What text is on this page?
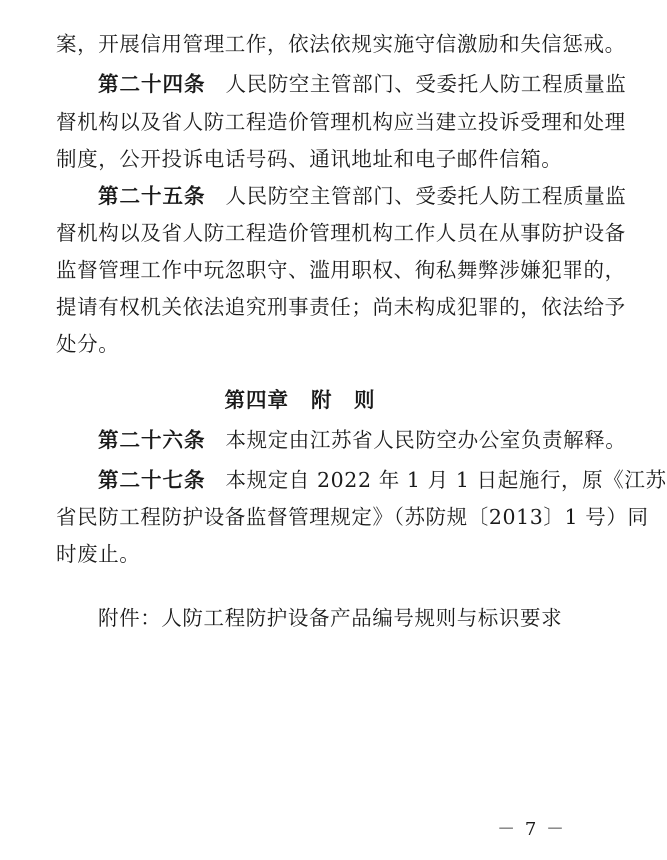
案，开展信用管理工作，依法依规实施守信激励和失信惩戒。
第二十四条 人民防空主管部门、受委托人防工程质量监
督机构以及省人防工程造价管理机构应当建立投诉受理和处理
制度，公开投诉电话号码、通讯地址和电子邮件信箱。
第二十五条 人民防空主管部门、受委托人防工程质量监
督机构以及省人防工程造价管理机构工作人员在从事防护设备
监督管理工作中玩忽职守、滥用职权、徇私舞弊涉嫌犯罪的，
提请有权机关依法追究刑事责任；尚未构成犯罪的，依法给予
处分。
第四章 附　则
第二十六条 本规定由江苏省人民防空办公室负责解释。
第二十七条 本规定自 2022 年 1 月 1 日起施行，原《江苏
省民防工程防护设备监督管理规定》（苏防规〔2013〕1 号）同
时废止。
附件：人防工程防护设备产品编号规则与标识要求
－ 7 －
